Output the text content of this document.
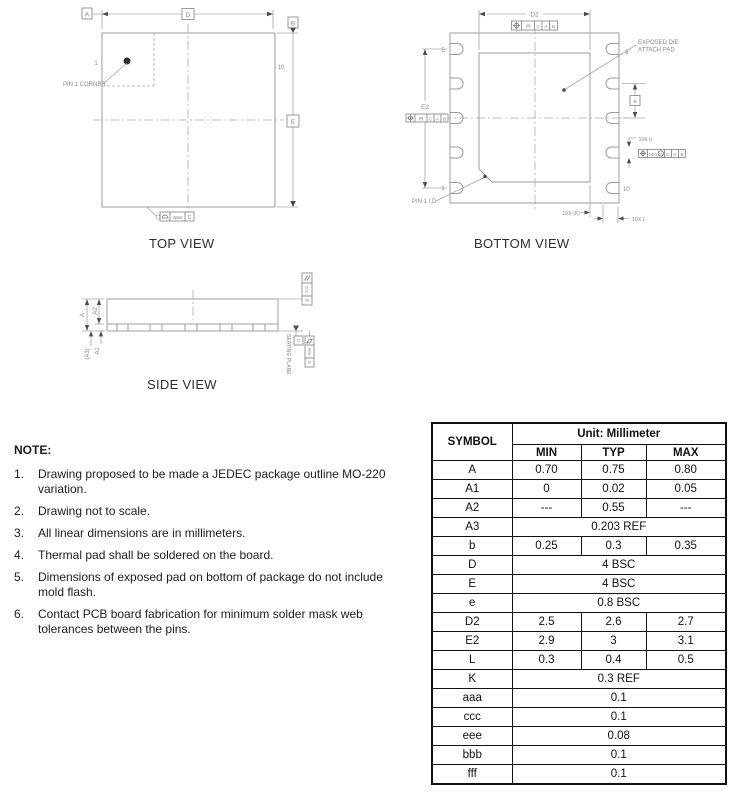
A	D
B
E
10
1
PIN 1 CORNER
aaa C
5	6
1	10
D2
fff C A B
EXPOSED DIE
ATTACH PAD
E2
fff C A B
e
10X b
bbb M C A B
PIN 1 I.D.
10X (K)
10X L
A
A2
(A3) A1
ccc
C
SEATING PLANE C
eee
C
TOP VIEW	BOTTOM VIEW
SIDE VIEW
NOTE:
1.	Drawing proposed to be made a JEDEC package outline MO-220 variation.
2.	Drawing not to scale.
3.	All linear dimensions are in millimeters.
4.	Thermal pad shall be soldered on the board.
5.	Dimensions of exposed pad on bottom of package do not include mold flash.
6.	Contact PCB board fabrication for minimum solder mask web tolerances between the pins.
SYMBOL	Unit: Millimeter		
	MIN	TYP	MAX
A	0.70	0.75	0.80
A1	0	0.02	0.05
A2	---	0.55	---
A3	0.203 REF		
b	0.25	0.3	0.35
D	4 BSC		
E	4 BSC		
e	0.8 BSC		
D2	2.5	2.6	2.7
E2	2.9	3	3.1
L	0.3	0.4	0.5
K	0.3 REF		
aaa	0.1		
ccc	0.1		
eee	0.08		
bbb	0.1		
fff	0.1		
